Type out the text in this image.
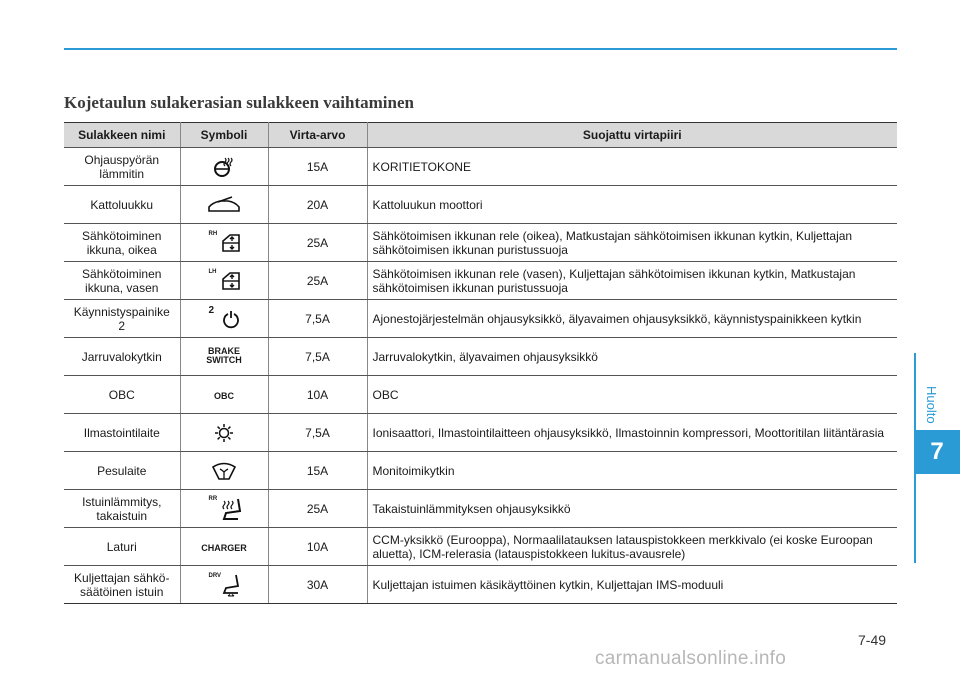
Kojetaulun sulakerasian sulakkeen vaihtaminen
Sulakkeen nimi	Symboli	Virta-arvo	Suojattu virtapiiri
Ohjauspyörän lämmitin		15A	KORITIETOKONE
Kattoluukku		20A	Kattoluukun moottori
Sähkötoiminen ikkuna, oikea	RH	25A	Sähkötoimisen ikkunan rele (oikea), Matkustajan sähkötoimisen ikkunan kytkin, Kuljettajan sähkötoimisen ikkunan puristussuoja
Sähkötoiminen ikkuna, vasen	LH	25A	Sähkötoimisen ikkunan rele (vasen), Kuljettajan sähkötoimisen ikkunan kytkin, Matkustajan sähkötoimisen ikkunan puristussuoja
Käynnistyspainike 2	2	7,5A	Ajonestojärjestelmän ohjausyksikkö, älyavaimen ohjausyksikkö, käynnistyspainikkeen kytkin
Jarruvalokytkin	BRAKE SWITCH	7,5A	Jarruvalokytkin, älyavaimen ohjausyksikkö
OBC	OBC	10A	OBC
Ilmastointilaite		7,5A	Ionisaattori, Ilmastointilaitteen ohjausyksikkö, Ilmastoinnin kompressori, Moottoritilan liitäntärasia
Pesulaite		15A	Monitoimikytkin
Istuinlämmitys, takaistuin	RR	25A	Takaistuinlämmityksen ohjausyksikkö
Laturi	CHARGER	10A	CCM-yksikkö (Eurooppa), Normaalilatauksen latauspistokkeen merkkivalo (ei koske Euroopan aluetta), ICM-relerasia (latauspistokkeen lukitus-avausrele)
Kuljettajan sähkö-säätöinen istuin	DRV	30A	Kuljettajan istuimen käsikäyttöinen kytkin, Kuljettajan IMS-moduuli
Huolto
7
7-49
carmanualsonline.info
